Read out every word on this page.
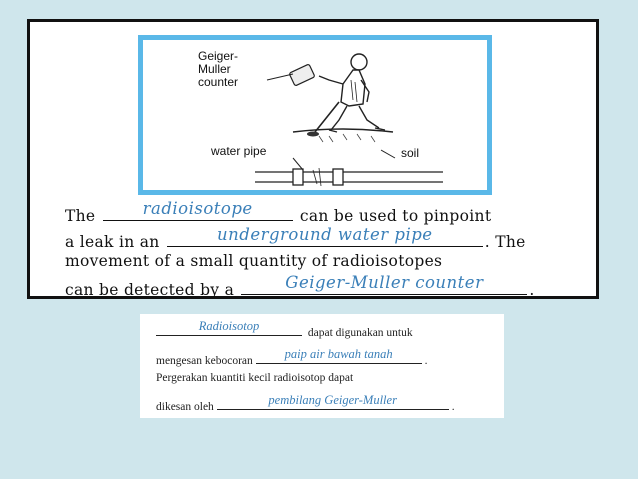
Geiger-
Muller
counter
water pipe	soil
The	radioisotope	can be used to pinpoint
a leak in an	underground water pipe	. The
movement of a small quantity of radioisotopes
can be detected by a	Geiger-Muller counter	.
Radioisotop	dapat digunakan untuk
mengesan kebocoran	paip air bawah tanah	.
Pergerakan kuantiti kecil radioisotop dapat
dikesan oleh	pembilang Geiger-Muller	.
